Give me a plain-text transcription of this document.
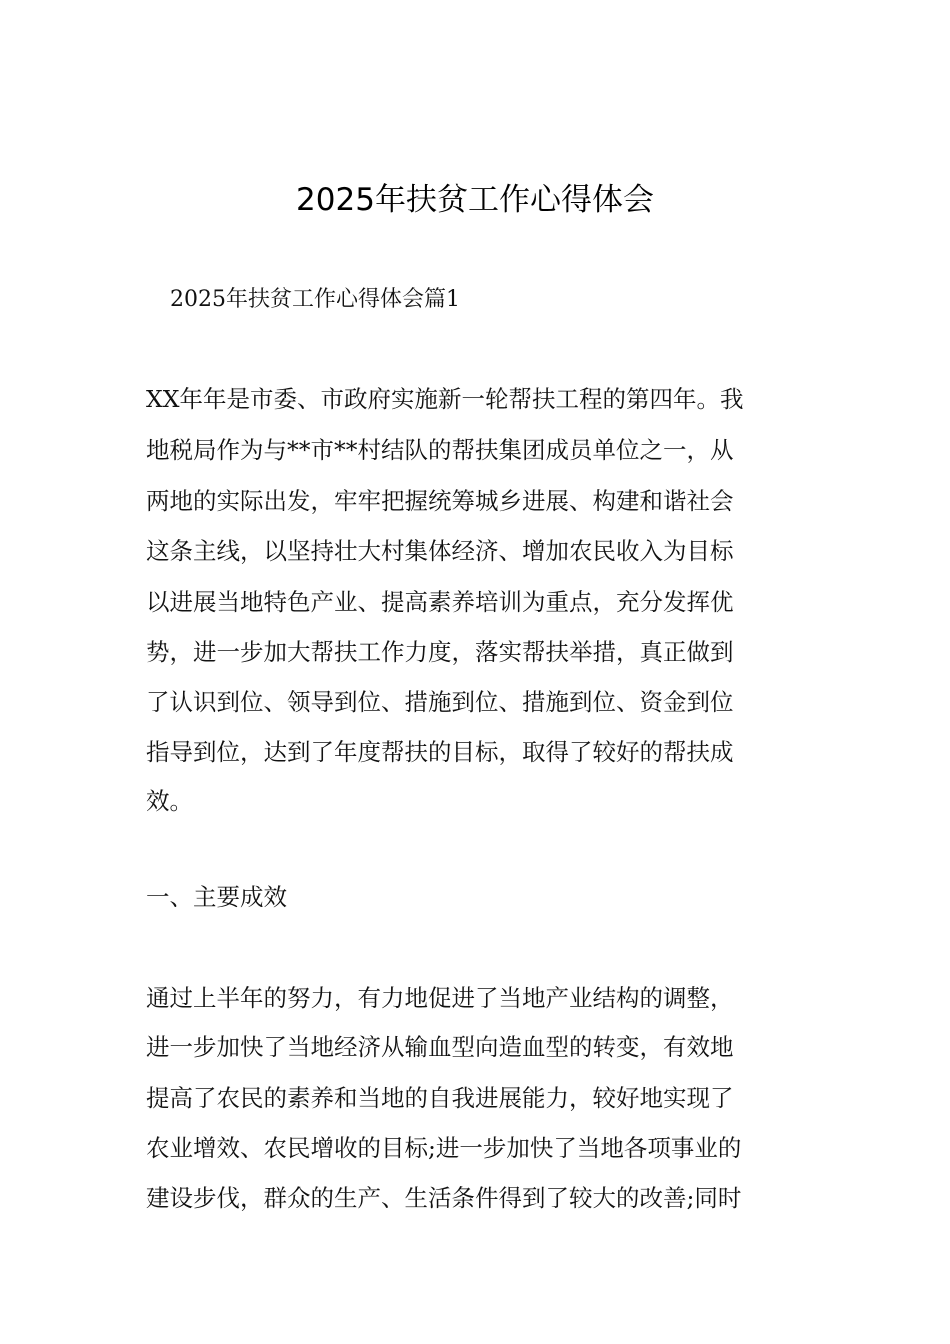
2025年扶贫工作心得体会
2025年扶贫工作心得体会篇1
XX年年是市委、市政府实施新一轮帮扶工程的第四年。我
地税局作为与**市**村结队的帮扶集团成员单位之一，从
两地的实际出发，牢牢把握统筹城乡进展、构建和谐社会
这条主线，以坚持壮大村集体经济、增加农民收入为目标
以进展当地特色产业、提高素养培训为重点，充分发挥优
势，进一步加大帮扶工作力度，落实帮扶举措，真正做到
了认识到位、领导到位、措施到位、措施到位、资金到位
指导到位，达到了年度帮扶的目标，取得了较好的帮扶成
效。
一、主要成效
通过上半年的努力，有力地促进了当地产业结构的调整，
进一步加快了当地经济从输血型向造血型的转变，有效地
提高了农民的素养和当地的自我进展能力，较好地实现了
农业增效、农民增收的目标;进一步加快了当地各项事业的
建设步伐，群众的生产、生活条件得到了较大的改善;同时
